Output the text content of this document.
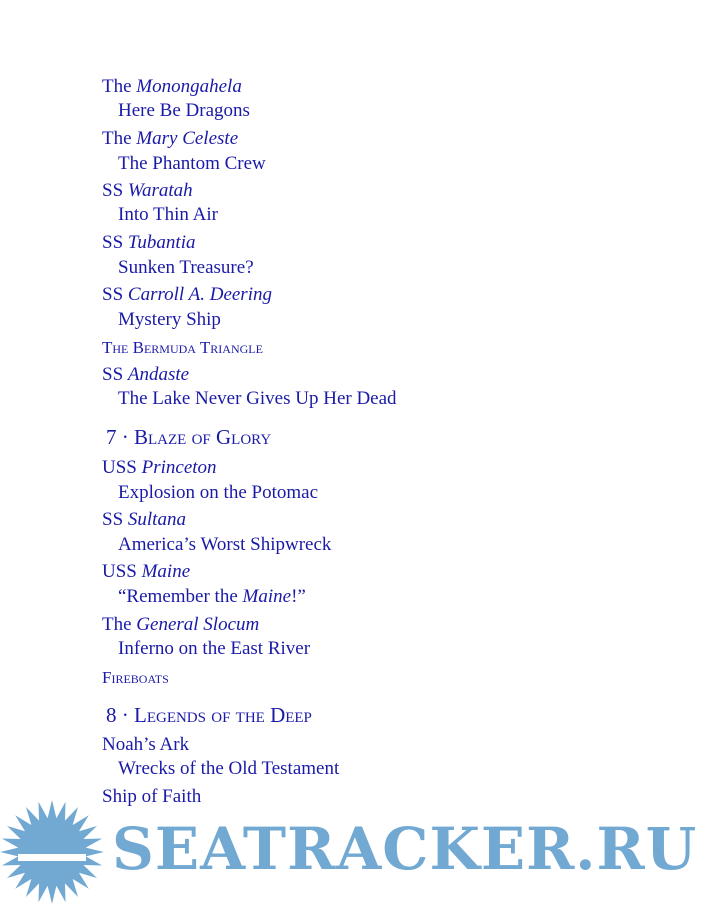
The Monongahela
Here Be Dragons
The Mary Celeste
The Phantom Crew
SS Waratah
Into Thin Air
SS Tubantia
Sunken Treasure?
SS Carroll A. Deering
Mystery Ship
The Bermuda Triangle
SS Andaste
The Lake Never Gives Up Her Dead
7 · Blaze of Glory
USS Princeton
Explosion on the Potomac
SS Sultana
America’s Worst Shipwreck
USS Maine
“Remember the Maine!”
The General Slocum
Inferno on the East River
Fireboats
8 · Legends of the Deep
Noah’s Ark
Wrecks of the Old Testament
Ship of Faith
SEATRACKER.RU
